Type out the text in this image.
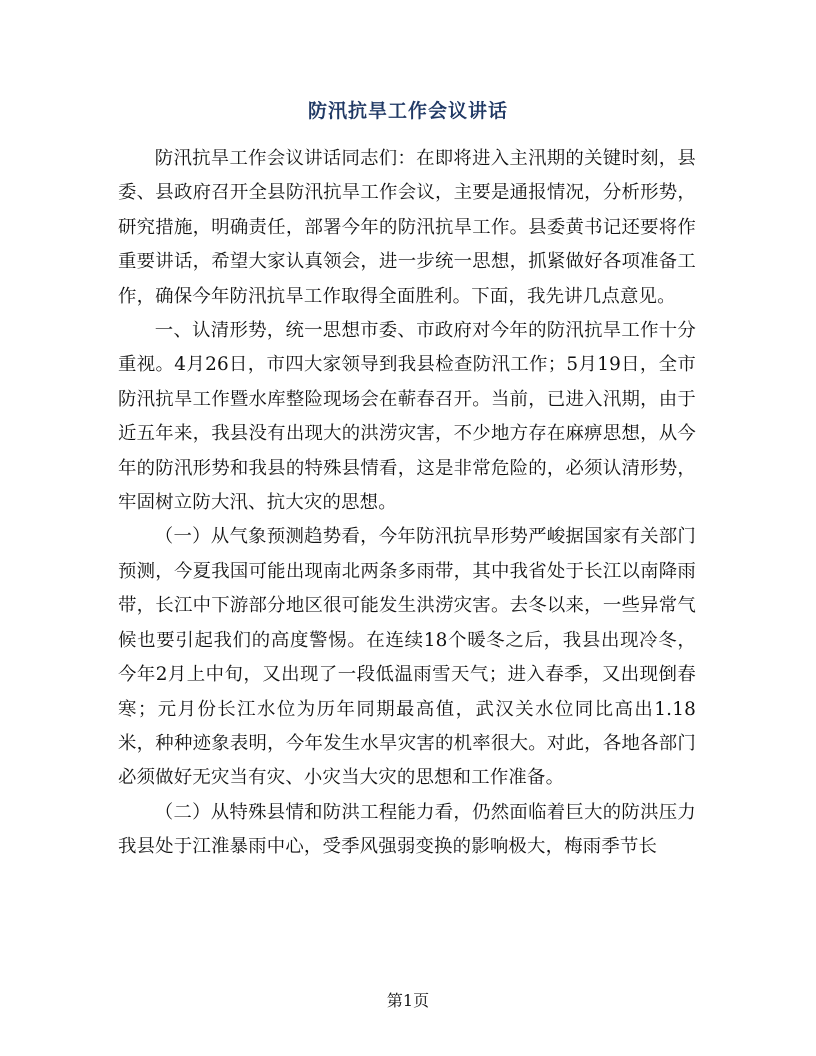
防汛抗旱工作会议讲话

防汛抗旱工作会议讲话同志们：在即将进入主汛期的关键时刻，县委、县政府召开全县防汛抗旱工作会议，主要是通报情况，分析形势，研究措施，明确责任，部署今年的防汛抗旱工作。县委黄书记还要将作重要讲话，希望大家认真领会，进一步统一思想，抓紧做好各项准备工作，确保今年防汛抗旱工作取得全面胜利。下面，我先讲几点意见。

一、认清形势，统一思想市委、市政府对今年的防汛抗旱工作十分重视。4月26日，市四大家领导到我县检查防汛工作；5月19日，全市防汛抗旱工作暨水库整险现场会在蕲春召开。当前，已进入汛期，由于近五年来，我县没有出现大的洪涝灾害，不少地方存在麻痹思想，从今年的防汛形势和我县的特殊县情看，这是非常危险的，必须认清形势，牢固树立防大汛、抗大灾的思想。

（一）从气象预测趋势看，今年防汛抗旱形势严峻据国家有关部门预测，今夏我国可能出现南北两条多雨带，其中我省处于长江以南降雨带，长江中下游部分地区很可能发生洪涝灾害。去冬以来，一些异常气候也要引起我们的高度警惕。在连续18个暖冬之后，我县出现冷冬，今年2月上中旬，又出现了一段低温雨雪天气；进入春季，又出现倒春寒；元月份长江水位为历年同期最高值，武汉关水位同比高出1.18米，种种迹象表明，今年发生水旱灾害的机率很大。对此，各地各部门必须做好无灾当有灾、小灾当大灾的思想和工作准备。

（二）从特殊县情和防洪工程能力看，仍然面临着巨大的防洪压力我县处于江淮暴雨中心，受季风强弱变换的影响极大，梅雨季节长

第1页
